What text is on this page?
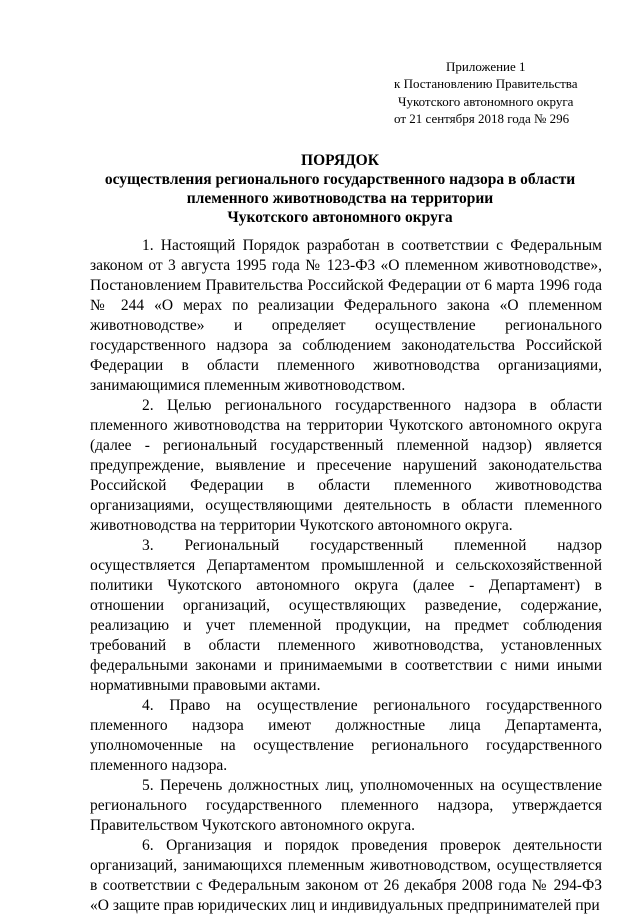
Приложение 1
к Постановлению Правительства
Чукотского автономного округа
от 21 сентября 2018 года № 296
ПОРЯДОК
осуществления регионального государственного надзора в области
племенного животноводства на территории
Чукотского автономного округа

1. Настоящий Порядок разработан в соответствии с Федеральным законом от 3 августа 1995 года № 123-ФЗ «О племенном животноводстве», Постановлением Правительства Российской Федерации от 6 марта 1996 года № 244 «О мерах по реализации Федерального закона «О племенном животноводстве» и определяет осуществление регионального государственного надзора за соблюдением законодательства Российской Федерации в области племенного животноводства организациями, занимающимися племенным животноводством.

2. Целью регионального государственного надзора в области племенного животноводства на территории Чукотского автономного округа (далее - региональный государственный племенной надзор) является предупреждение, выявление и пресечение нарушений законодательства Российской Федерации в области племенного животноводства организациями, осуществляющими деятельность в области племенного животноводства на территории Чукотского автономного округа.

3. Региональный государственный племенной надзор осуществляется Департаментом промышленной и сельскохозяйственной политики Чукотского автономного округа (далее - Департамент) в отношении организаций, осуществляющих разведение, содержание, реализацию и учет племенной продукции, на предмет соблюдения требований в области племенного животноводства, установленных федеральными законами и принимаемыми в соответствии с ними иными нормативными правовыми актами.

4. Право на осуществление регионального государственного племенного надзора имеют должностные лица Департамента, уполномоченные на осуществление регионального государственного племенного надзора.

5. Перечень должностных лиц, уполномоченных на осуществление регионального государственного племенного надзора, утверждается Правительством Чукотского автономного округа.

6. Организация и порядок проведения проверок деятельности организаций, занимающихся племенным животноводством, осуществляется в соответствии с Федеральным законом от 26 декабря 2008 года № 294-ФЗ «О защите прав юридических лиц и индивидуальных предпринимателей при
